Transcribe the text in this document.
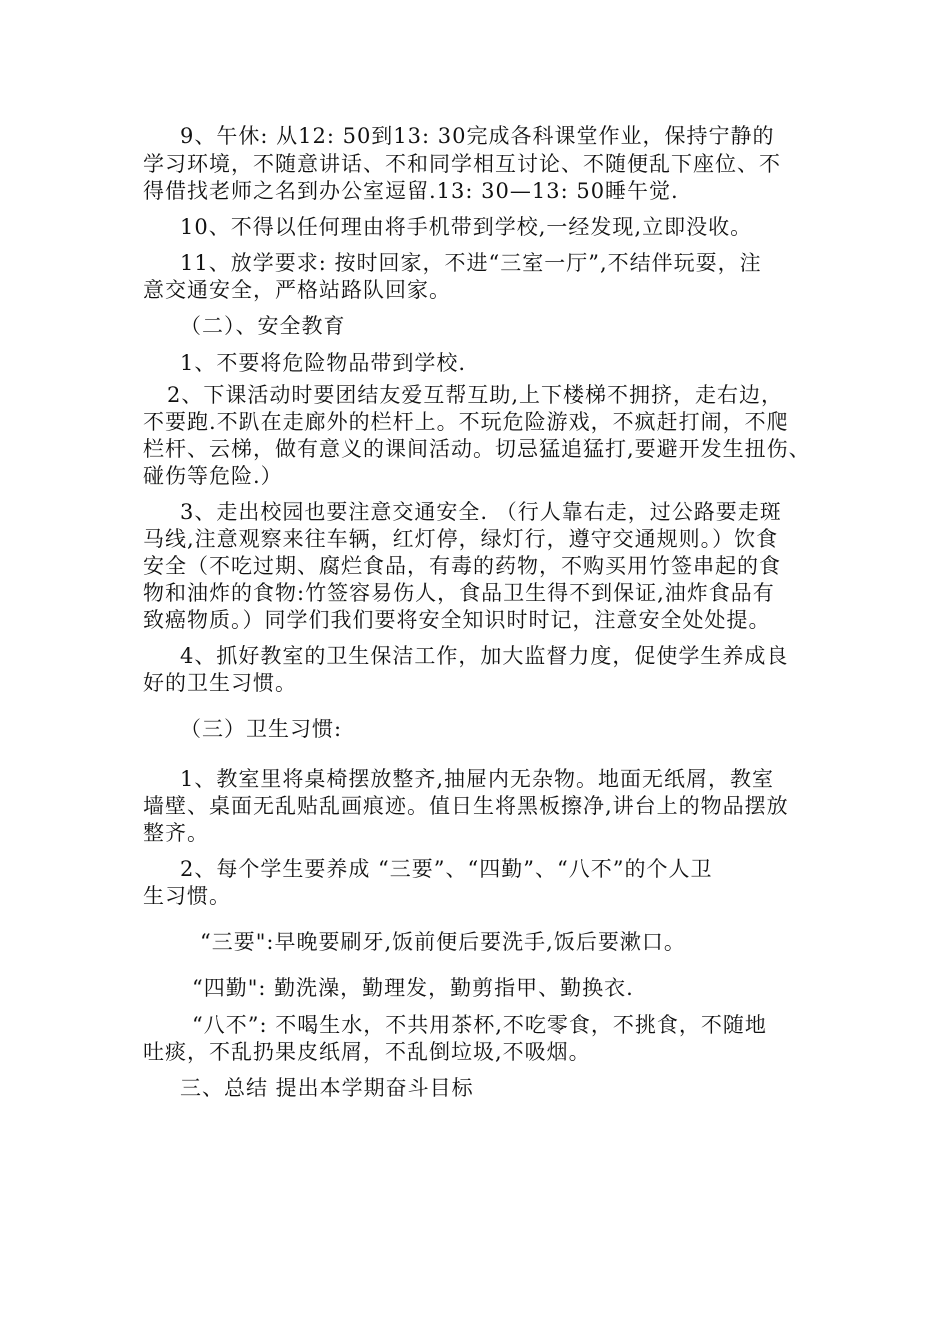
9、午休: 从12: 50到13: 30完成各科课堂作业，保持宁静的
学习环境，不随意讲话、不和同学相互讨论、不随便乱下座位、不
得借找老师之名到办公室逗留.13: 30—13: 50睡午觉.
10、不得以任何理由将手机带到学校,一经发现,立即没收。
11、放学要求: 按时回家，不进“三室一厅”,不结伴玩耍，注
意交通安全，严格站路队回家。
（二）、安全教育
1、不要将危险物品带到学校.
2、下课活动时要团结友爱互帮互助,上下楼梯不拥挤，走右边，
不要跑.不趴在走廊外的栏杆上。不玩危险游戏，不疯赶打闹，不爬
栏杆、云梯，做有意义的课间活动。切忌猛追猛打,要避开发生扭伤、
碰伤等危险.）
3、走出校园也要注意交通安全. （行人靠右走，过公路要走斑
马线,注意观察来往车辆，红灯停，绿灯行，遵守交通规则。）饮食
安全（不吃过期、腐烂食品，有毒的药物，不购买用竹签串起的食
物和油炸的食物:竹签容易伤人，食品卫生得不到保证,油炸食品有
致癌物质。）同学们我们要将安全知识时时记，注意安全处处提。
4、抓好教室的卫生保洁工作，加大监督力度，促使学生养成良
好的卫生习惯。
（三）卫生习惯:
1、教室里将桌椅摆放整齐,抽屉内无杂物。地面无纸屑，教室
墙壁、桌面无乱贴乱画痕迹。值日生将黑板擦净,讲台上的物品摆放
整齐。
2、每个学生要养成 “三要”、“四勤”、“八不”的个人卫
生习惯。
“三要":早晚要刷牙,饭前便后要洗手,饭后要漱口。
“四勤": 勤洗澡，勤理发，勤剪指甲、勤换衣.
“八不”: 不喝生水，不共用茶杯,不吃零食，不挑食，不随地
吐痰，不乱扔果皮纸屑，不乱倒垃圾,不吸烟。
三、总结 提出本学期奋斗目标
